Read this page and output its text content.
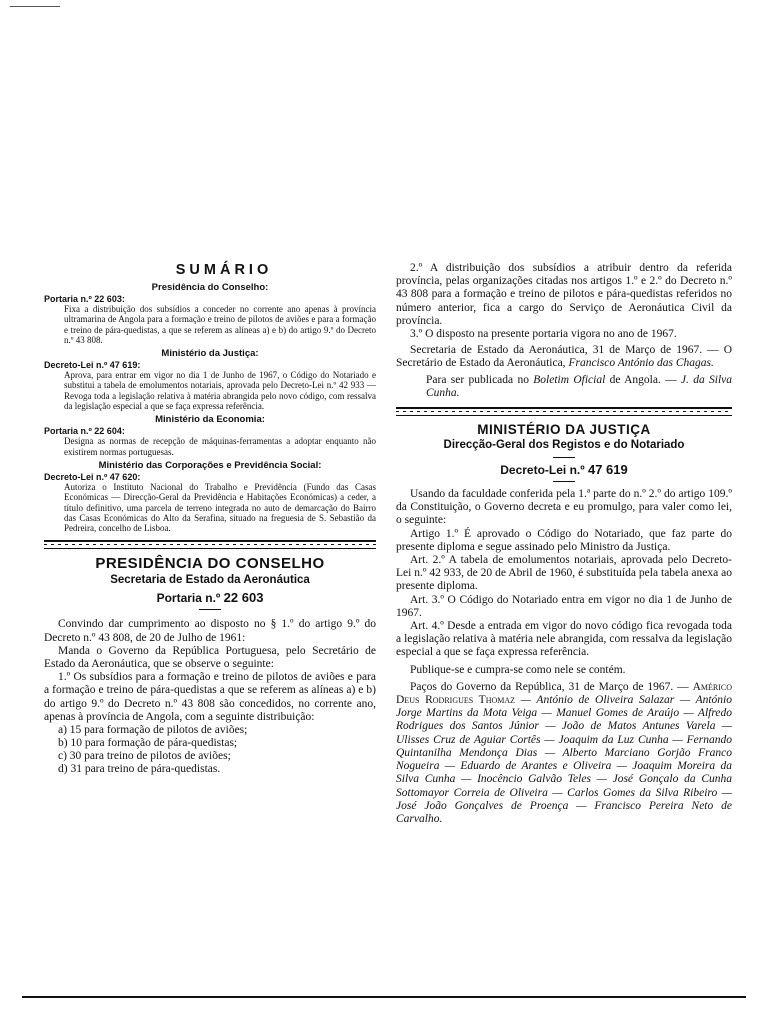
SUMÁRIO
Presidência do Conselho:
Portaria n.º 22 603:
Fixa a distribuição dos subsídios a conceder no corrente ano apenas à província ultramarina de Angola para a formação e treino de pilotos de aviões e para a formação e treino de pára-quedistas, a que se referem as alíneas a) e b) do artigo 9.º do Decreto n.º 43 808.
Ministério da Justiça:
Decreto-Lei n.º 47 619:
Aprova, para entrar em vigor no dia 1 de Junho de 1967, o Código do Notariado e substitui a tabela de emolumentos notariais, aprovada pelo Decreto-Lei n.º 42 933 — Revoga toda a legislação relativa à matéria abrangida pelo novo código, com ressalva da legislação especial a que se faça expressa referência.
Ministério da Economia:
Portaria n.º 22 604:
Designa as normas de recepção de máquinas-ferramentas a adoptar enquanto não existirem normas portuguesas.
Ministério das Corporações e Previdência Social:
Decreto-Lei n.º 47 620:
Autoriza o Instituto Nacional do Trabalho e Previdência (Fundo das Casas Económicas — Direcção-Geral da Previdência e Habitações Económicas) a ceder, a título definitivo, uma parcela de terreno integrada no auto de demarcação do Bairro das Casas Económicas do Alto da Serafina, situado na freguesia de S. Sebastião da Pedreira, concelho de Lisboa.
PRESIDÊNCIA DO CONSELHO
Secretaria de Estado da Aeronáutica
Portaria n.º 22 603

Convindo dar cumprimento ao disposto no § 1.º do artigo 9.º do Decreto n.º 43 808, de 20 de Julho de 1961:

Manda o Governo da República Portuguesa, pelo Secretário de Estado da Aeronáutica, que se observe o seguinte:

1.º Os subsídios para a formação e treino de pilotos de aviões e para a formação e treino de pára-quedistas a que se referem as alíneas a) e b) do artigo 9.º do Decreto n.º 43 808 são concedidos, no corrente ano, apenas à província de Angola, com a seguinte distribuição:

a) 15 para formação de pilotos de aviões;
b) 10 para formação de pára-quedistas;
c) 30 para treino de pilotos de aviões;
d) 31 para treino de pára-quedistas.

2.º A distribuição dos subsídios a atribuir dentro da referida província, pelas organizações citadas nos artigos 1.º e 2.º do Decreto n.º 43 808 para a formação e treino de pilotos e pára-quedistas referidos no número anterior, fica a cargo do Serviço de Aeronáutica Civil da província.

3.º O disposto na presente portaria vigora no ano de 1967.

Secretaria de Estado da Aeronáutica, 31 de Março de 1967. — O Secretário de Estado da Aeronáutica, Francisco António das Chagas.

Para ser publicada no Boletim Oficial de Angola. — J. da Silva Cunha.

MINISTÉRIO DA JUSTIÇA
Direcção-Geral dos Registos e do Notariado
Decreto-Lei n.º 47 619

Usando da faculdade conferida pela 1.ª parte do n.º 2.º do artigo 109.º da Constituição, o Governo decreta e eu promulgo, para valer como lei, o seguinte:

Artigo 1.º É aprovado o Código do Notariado, que faz parte do presente diploma e segue assinado pelo Ministro da Justiça.

Art. 2.º A tabela de emolumentos notariais, aprovada pelo Decreto-Lei n.º 42 933, de 20 de Abril de 1960, é substituída pela tabela anexa ao presente diploma.

Art. 3.º O Código do Notariado entra em vigor no dia 1 de Junho de 1967.

Art. 4.º Desde a entrada em vigor do novo código fica revogada toda a legislação relativa à matéria nele abrangida, com ressalva da legislação especial a que se faça expressa referência.

Publique-se e cumpra-se como nele se contém.

Paços do Governo da República, 31 de Março de 1967. — Américo Deus Rodrigues Thomaz — António de Oliveira Salazar — António Jorge Martins da Mota Veiga — Manuel Gomes de Araújo — Alfredo Rodrigues dos Santos Júnior — João de Matos Antunes Varela — Ulisses Cruz de Aguiar Cortês — Joaquim da Luz Cunha — Fernando Quintanilha Mendonça Dias — Alberto Marciano Gorjão Franco Nogueira — Eduardo de Arantes e Oliveira — Joaquim Moreira da Silva Cunha — Inocêncio Galvão Teles — José Gonçalo da Cunha Sottomayor Correia de Oliveira — Carlos Gomes da Silva Ribeiro — José João Gonçalves de Proença — Francisco Pereira Neto de Carvalho.
